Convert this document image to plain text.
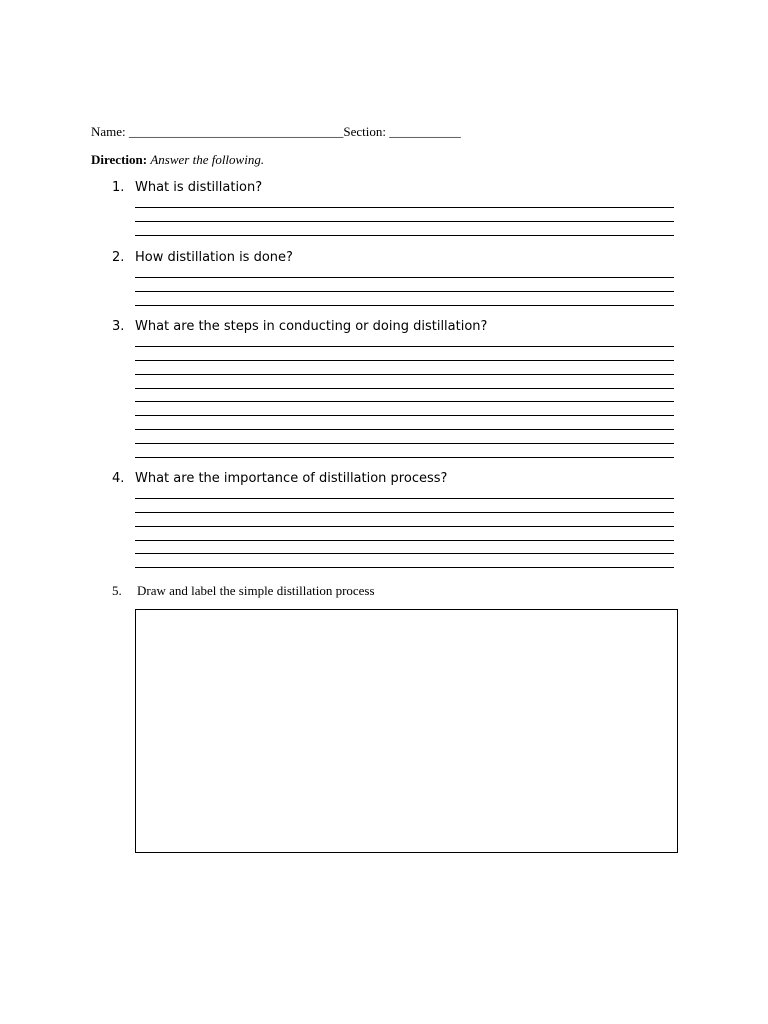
Name: _________________________________Section: ___________
Direction: Answer the following.
1. What is distillation?
2. How distillation is done?
3. What are the steps in conducting or doing distillation?
4. What are the importance of distillation process?
5. Draw and label the simple distillation process
